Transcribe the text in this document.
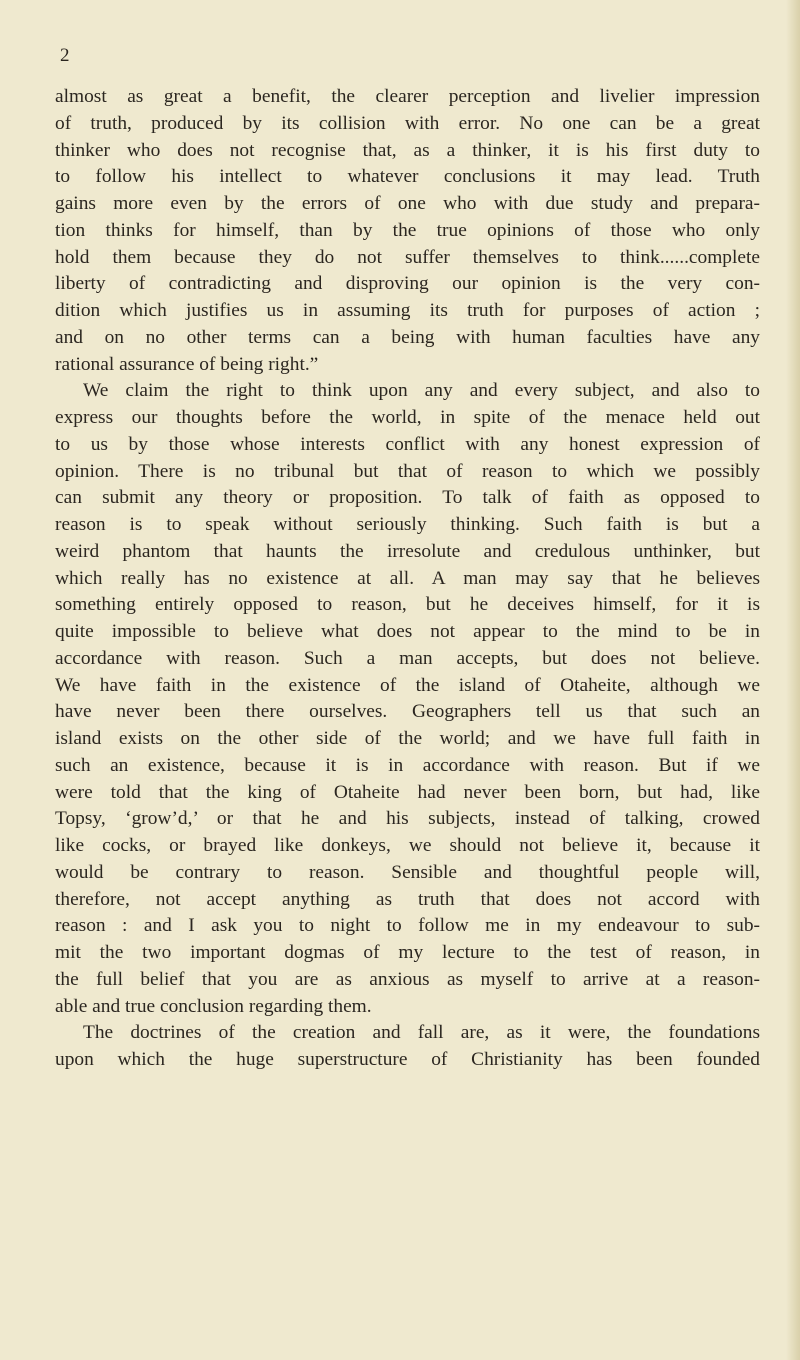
2
almost as great a benefit, the clearer perception and livelier impression
of truth, produced by its collision with error. No one can be a great
thinker who does not recognise that, as a thinker, it is his first duty to
to follow his intellect to whatever conclusions it may lead. Truth
gains more even by the errors of one who with due study and prepara-
tion thinks for himself, than by the true opinions of those who only
hold them because they do not suffer themselves to think......complete
liberty of contradicting and disproving our opinion is the very con-
dition which justifies us in assuming its truth for purposes of action ;
and on no other terms can a being with human faculties have any
rational assurance of being right.”
We claim the right to think upon any and every subject, and also to
express our thoughts before the world, in spite of the menace held out
to us by those whose interests conflict with any honest expression of
opinion. There is no tribunal but that of reason to which we possibly
can submit any theory or proposition. To talk of faith as opposed to
reason is to speak without seriously thinking. Such faith is but a
weird phantom that haunts the irresolute and credulous unthinker, but
which really has no existence at all. A man may say that he believes
something entirely opposed to reason, but he deceives himself, for it is
quite impossible to believe what does not appear to the mind to be in
accordance with reason. Such a man accepts, but does not believe.
We have faith in the existence of the island of Otaheite, although we
have never been there ourselves. Geographers tell us that such an
island exists on the other side of the world; and we have full faith in
such an existence, because it is in accordance with reason. But if we
were told that the king of Otaheite had never been born, but had, like
Topsy, ‘grow’d,’ or that he and his subjects, instead of talking, crowed
like cocks, or brayed like donkeys, we should not believe it, because it
would be contrary to reason. Sensible and thoughtful people will,
therefore, not accept anything as truth that does not accord with
reason : and I ask you to night to follow me in my endeavour to sub-
mit the two important dogmas of my lecture to the test of reason, in
the full belief that you are as anxious as myself to arrive at a reason-
able and true conclusion regarding them.
The doctrines of the creation and fall are, as it were, the foundations
upon which the huge superstructure of Christianity has been founded
